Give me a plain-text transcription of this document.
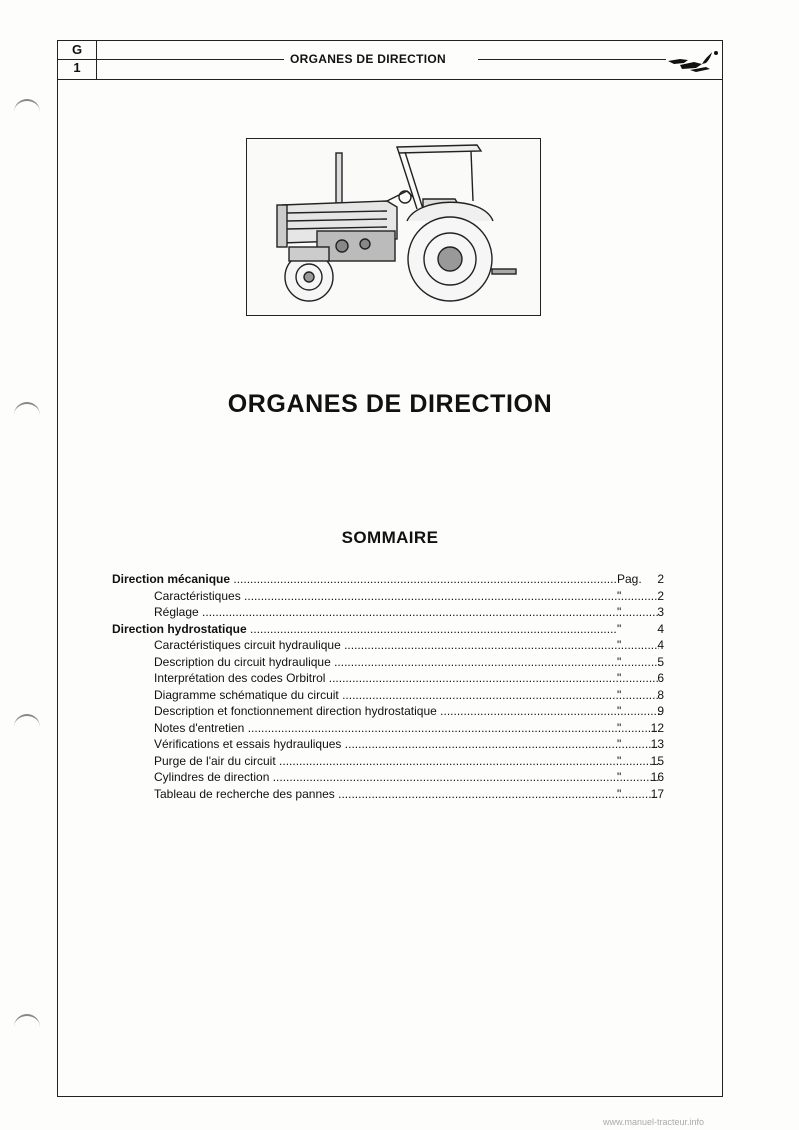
G
1
ORGANES DE DIRECTION
ORGANES DE DIRECTION
SOMMAIRE
Direction mécanique .....	Pag.	2
Caractéristiques .....	"	2
Réglage .....	"	3
Direction hydrostatique .....	"	4
Caractéristiques circuit hydraulique .....	"	4
Description du circuit hydraulique .....	"	5
Interprétation des codes Orbitrol .....	"	6
Diagramme schématique du circuit .....	"	8
Description et fonctionnement direction hydrostatique .....	"	9
Notes d'entretien .....	"	12
Vérifications et essais hydrauliques .....	"	13
Purge de l'air du circuit .....	"	15
Cylindres de direction .....	"	16
Tableau de recherche des pannes .....	"	17
www.manuel-tracteur.info
